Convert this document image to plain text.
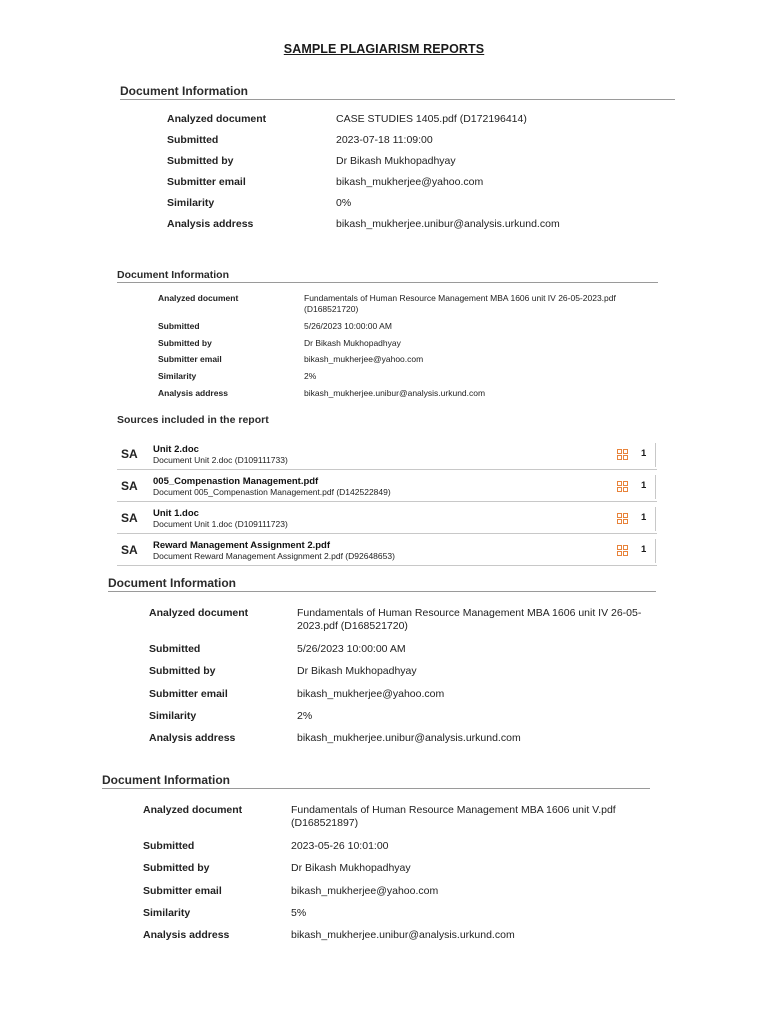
SAMPLE PLAGIARISM REPORTS
Document Information
Analyzed document	CASE STUDIES 1405.pdf (D172196414)
Submitted	2023-07-18 11:09:00
Submitted by	Dr Bikash Mukhopadhyay
Submitter email	bikash_mukherjee@yahoo.com
Similarity	0%
Analysis address	bikash_mukherjee.unibur@analysis.urkund.com
Document Information
Analyzed document	Fundamentals of Human Resource Management MBA 1606 unit IV 26-05-2023.pdf (D168521720)
Submitted	5/26/2023 10:00:00 AM
Submitted by	Dr Bikash Mukhopadhyay
Submitter email	bikash_mukherjee@yahoo.com
Similarity	2%
Analysis address	bikash_mukherjee.unibur@analysis.urkund.com
Sources included in the report
SA Unit 2.doc
Document Unit 2.doc (D109111733)
1
SA 005_Compenastion Management.pdf
Document 005_Compenastion Management.pdf (D142522849)
1
SA Unit 1.doc
Document Unit 1.doc (D109111723)
1
SA Reward Management Assignment 2.pdf
Document Reward Management Assignment 2.pdf (D92648653)
1
Document Information
Analyzed document	Fundamentals of Human Resource Management MBA 1606 unit IV 26-05-2023.pdf (D168521720)
Submitted	5/26/2023 10:00:00 AM
Submitted by	Dr Bikash Mukhopadhyay
Submitter email	bikash_mukherjee@yahoo.com
Similarity	2%
Analysis address	bikash_mukherjee.unibur@analysis.urkund.com
Document Information
Analyzed document	Fundamentals of Human Resource Management MBA 1606 unit V.pdf (D168521897)
Submitted	2023-05-26 10:01:00
Submitted by	Dr Bikash Mukhopadhyay
Submitter email	bikash_mukherjee@yahoo.com
Similarity	5%
Analysis address	bikash_mukherjee.unibur@analysis.urkund.com
